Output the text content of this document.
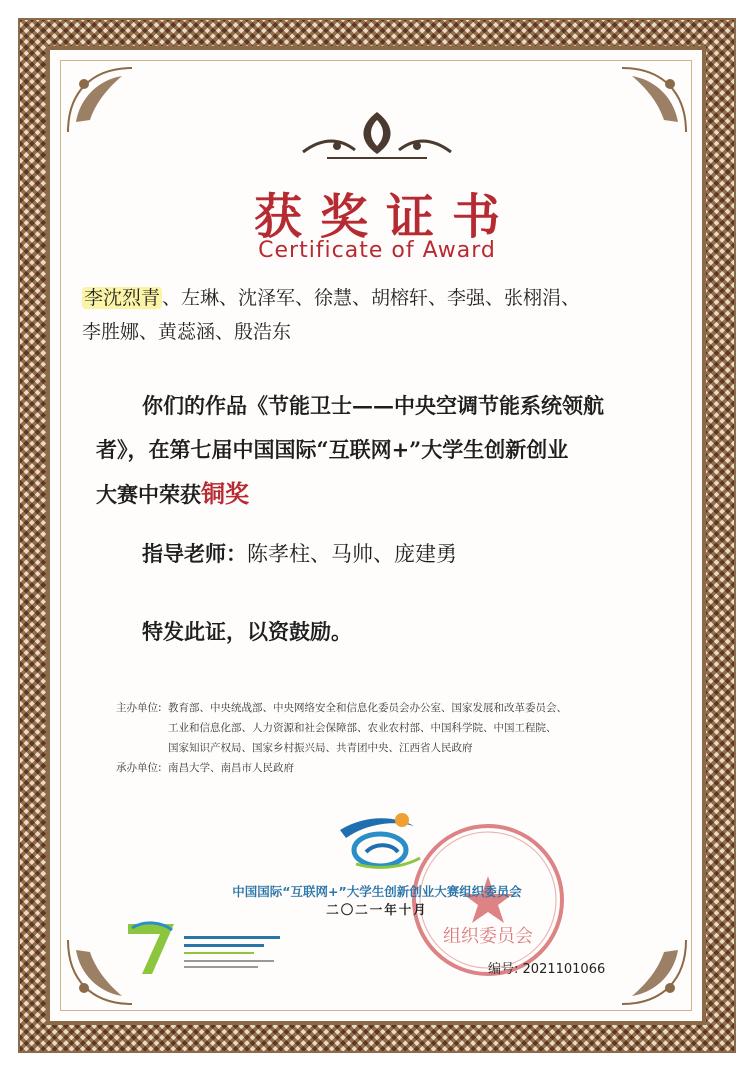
获奖证书
Certificate of Award
李沈烈青 、左琳、沈泽军、徐慧、胡榕轩、李强、张栩涓、
李胜娜、黄蕊涵、殷浩东
你们的作品《节能卫士——中央空调节能系统领航
者》，在第七届中国国际“互联网+”大学生创新创业
大赛中荣获铜奖
指导老师：陈孝柱、马帅、庞建勇
特发此证，以资鼓励。
主办单位: 教育部、中央统战部、中央网络安全和信息化委员会办公室、国家发展和改革委员会、
工业和信息化部、人力资源和社会保障部、农业农村部、中国科学院、中国工程院、
国家知识产权局、国家乡村振兴局、共青团中央、江西省人民政府
承办单位: 南昌大学、南昌市人民政府
组织委员会
中国国际“互联网+”大学生创新创业大赛组织委员会
二〇二一年十月
编号: 2021101066
